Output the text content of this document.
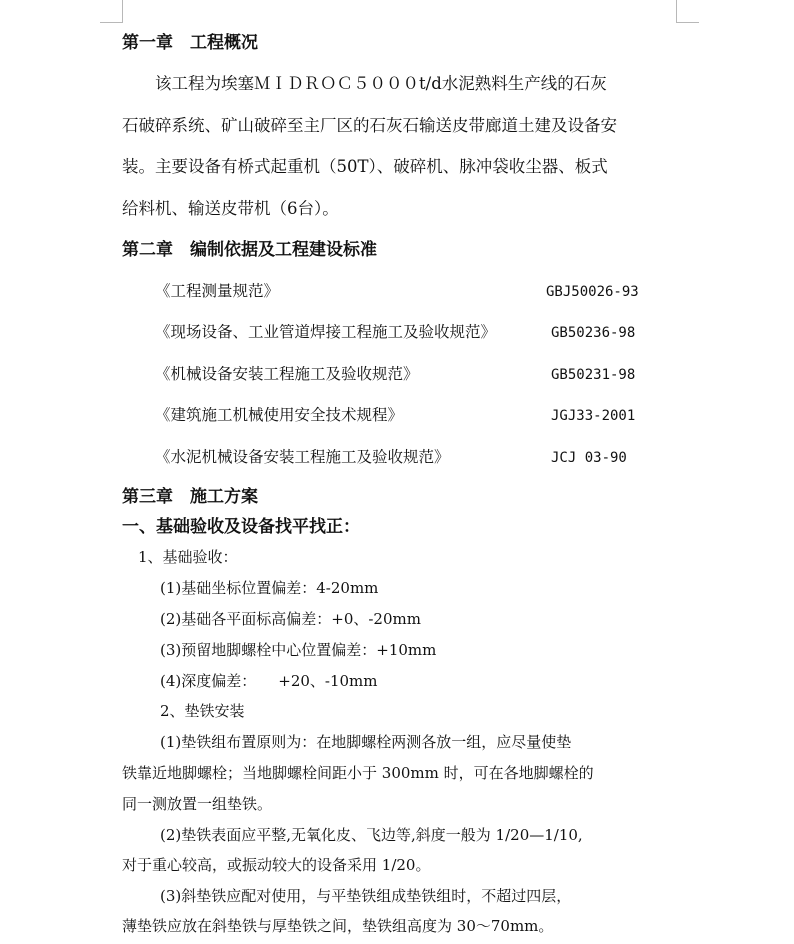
第一章　工程概况
该工程为埃塞ＭＩＤＲＯＣ５０００t/d水泥熟料生产线的石灰
石破碎系统、矿山破碎至主厂区的石灰石输送皮带廊道土建及设备安
装。主要设备有桥式起重机（50T）、破碎机、脉冲袋收尘器、板式
给料机、输送皮带机（6台）。
第二章　编制依据及工程建设标准
《工程测量规范》	GBJ50026-93
《现场设备、工业管道焊接工程施工及验收规范》	GB50236-98
《机械设备安装工程施工及验收规范》	GB50231-98
《建筑施工机械使用安全技术规程》	JGJ33-2001
《水泥机械设备安装工程施工及验收规范》	JCJ 03-90
第三章　施工方案
一、基础验收及设备找平找正：
1、基础验收：
(1)基础坐标位置偏差：4-20mm
(2)基础各平面标高偏差：+0、-20mm
(3)预留地脚螺栓中心位置偏差：+10mm
(4)深度偏差： +20、-10mm
2、垫铁安装
(1)垫铁组布置原则为：在地脚螺栓两测各放一组，应尽量使垫
铁靠近地脚螺栓；当地脚螺栓间距小于 300mm 时，可在各地脚螺栓的
同一测放置一组垫铁。
(2)垫铁表面应平整,无氧化皮、飞边等,斜度一般为 1/20—1/10,
对于重心较高，或振动较大的设备采用 1/20。
(3)斜垫铁应配对使用，与平垫铁组成垫铁组时，不超过四层，
薄垫铁应放在斜垫铁与厚垫铁之间，垫铁组高度为 30～70mm。
